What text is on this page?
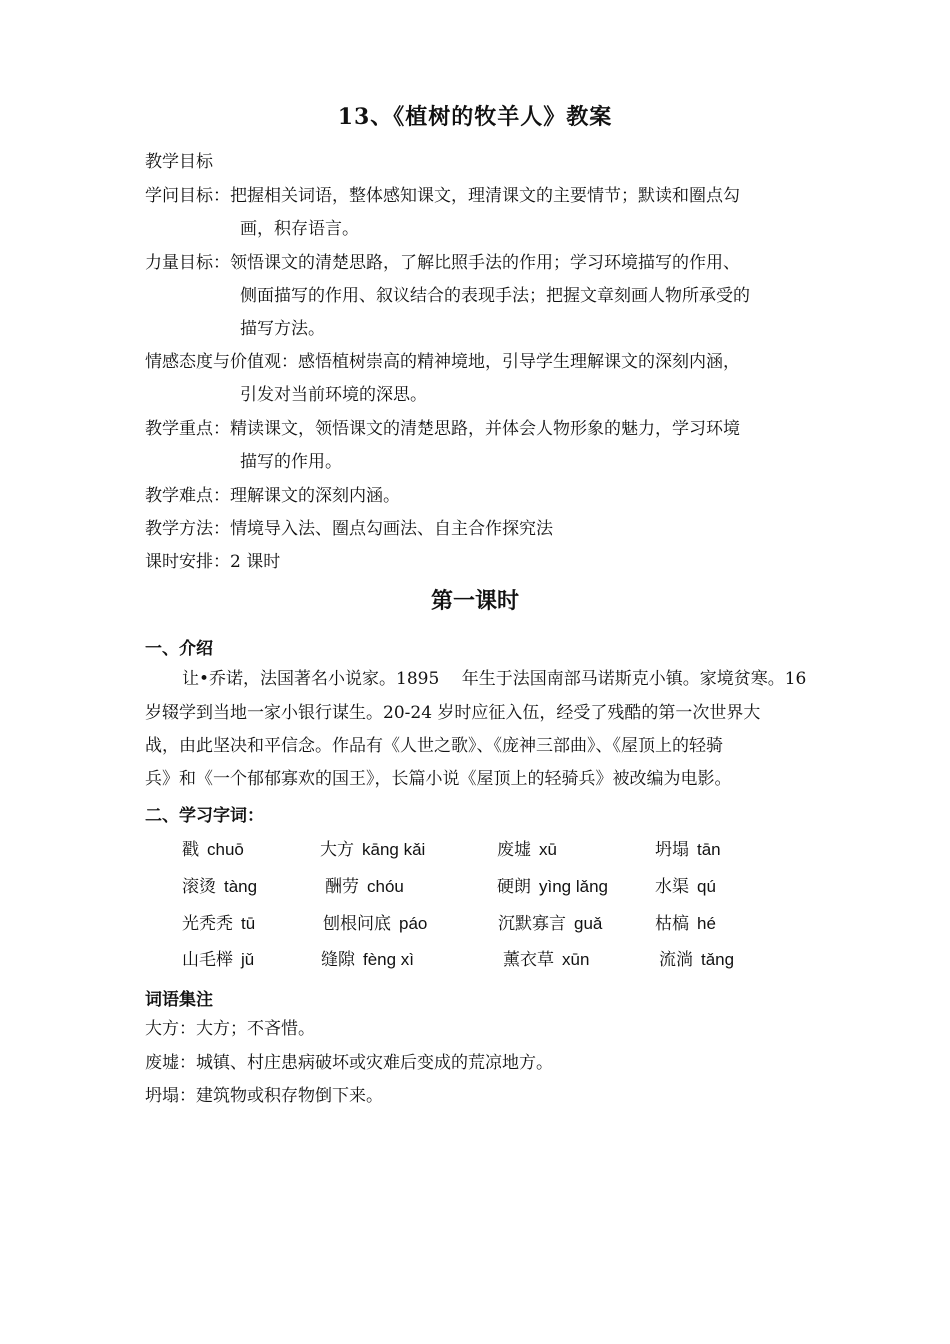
13、《植树的牧羊人》教案
教学目标
学问目标：把握相关词语，整体感知课文，理清课文的主要情节；默读和圈点勾
画，积存语言。
力量目标：领悟课文的清楚思路，了解比照手法的作用；学习环境描写的作用、
侧面描写的作用、叙议结合的表现手法；把握文章刻画人物所承受的
描写方法。
情感态度与价值观：感悟植树崇高的精神境地，引导学生理解课文的深刻内涵，
引发对当前环境的深思。
教学重点：精读课文，领悟课文的清楚思路，并体会人物形象的魅力，学习环境
描写的作用。
教学难点：理解课文的深刻内涵。
教学方法：情境导入法、圈点勾画法、自主合作探究法
课时安排：2 课时
第一课时
一、介绍
让•乔诺，法国著名小说家。1895　 年生于法国南部马诺斯克小镇。家境贫寒。16
岁辍学到当地一家小银行谋生。20-24 岁时应征入伍，经受了残酷的第一次世界大
战，由此坚决和平信念。作品有《人世之歌》、《庞神三部曲》、《屋顶上的轻骑
兵》和《一个郁郁寡欢的国王》，长篇小说《屋顶上的轻骑兵》被改编为电影。
二、学习字词：
戳 chuō	大方 kāng kǎi	废墟 xū	坍塌 tān
滚烫 tàng	酬劳 chóu	硬朗 yìng lǎng	水渠 qú
光秃秃 tū	刨根问底 páo	沉默寡言 guǎ	枯槁 hé
山毛榉 jǔ	缝隙 fèng xì	薰衣草 xūn	流淌 tǎng
词语集注
大方：大方；不吝惜。
废墟：城镇、村庄患病破坏或灾难后变成的荒凉地方。
坍塌：建筑物或积存物倒下来。
